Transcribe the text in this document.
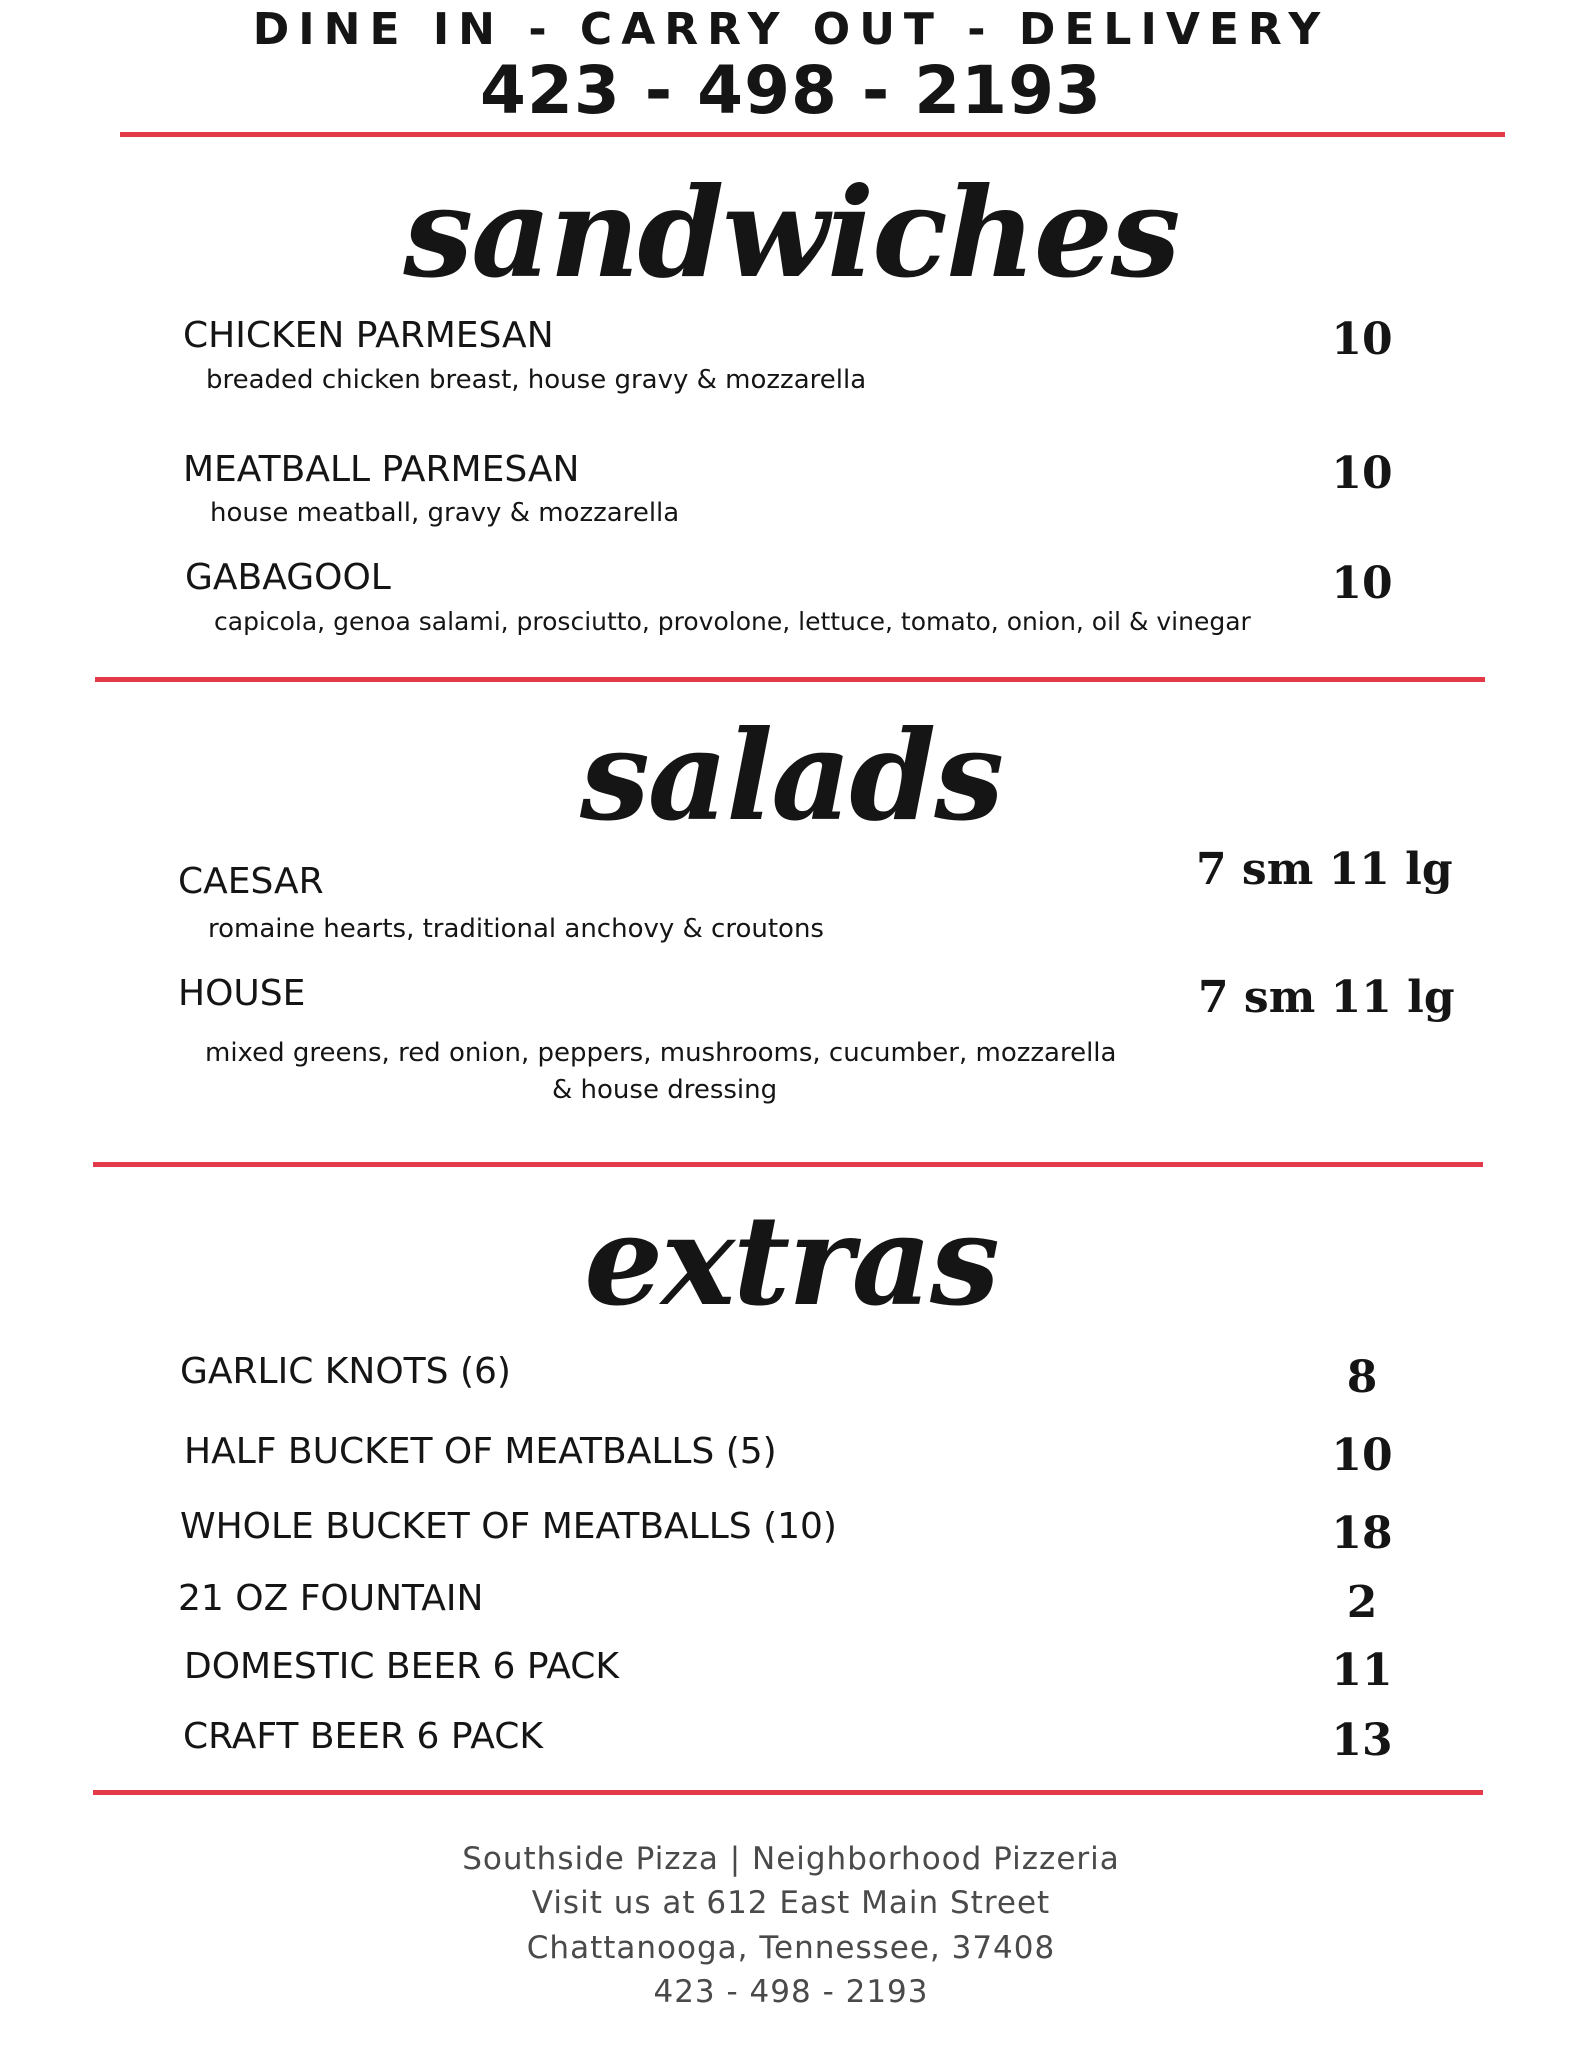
DINE IN - CARRY OUT - DELIVERY
423 - 498 - 2193
sandwiches
CHICKEN PARMESAN
breaded chicken breast, house gravy & mozzarella
10
MEATBALL PARMESAN
house meatball, gravy & mozzarella
10
GABAGOOL
capicola, genoa salami, prosciutto, provolone, lettuce, tomato, onion, oil & vinegar
10
salads
CAESAR
romaine hearts, traditional anchovy & croutons
7 sm 11 lg
HOUSE
mixed greens, red onion, peppers, mushrooms, cucumber, mozzarella
& house dressing
7 sm 11 lg
extras
GARLIC KNOTS (6)	8
HALF BUCKET OF MEATBALLS (5)	10
WHOLE BUCKET OF MEATBALLS (10)	18
21 OZ FOUNTAIN	2
DOMESTIC BEER 6 PACK	11
CRAFT BEER 6 PACK	13
Southside Pizza | Neighborhood Pizzeria
Visit us at 612 East Main Street
Chattanooga, Tennessee, 37408
423 - 498 - 2193
